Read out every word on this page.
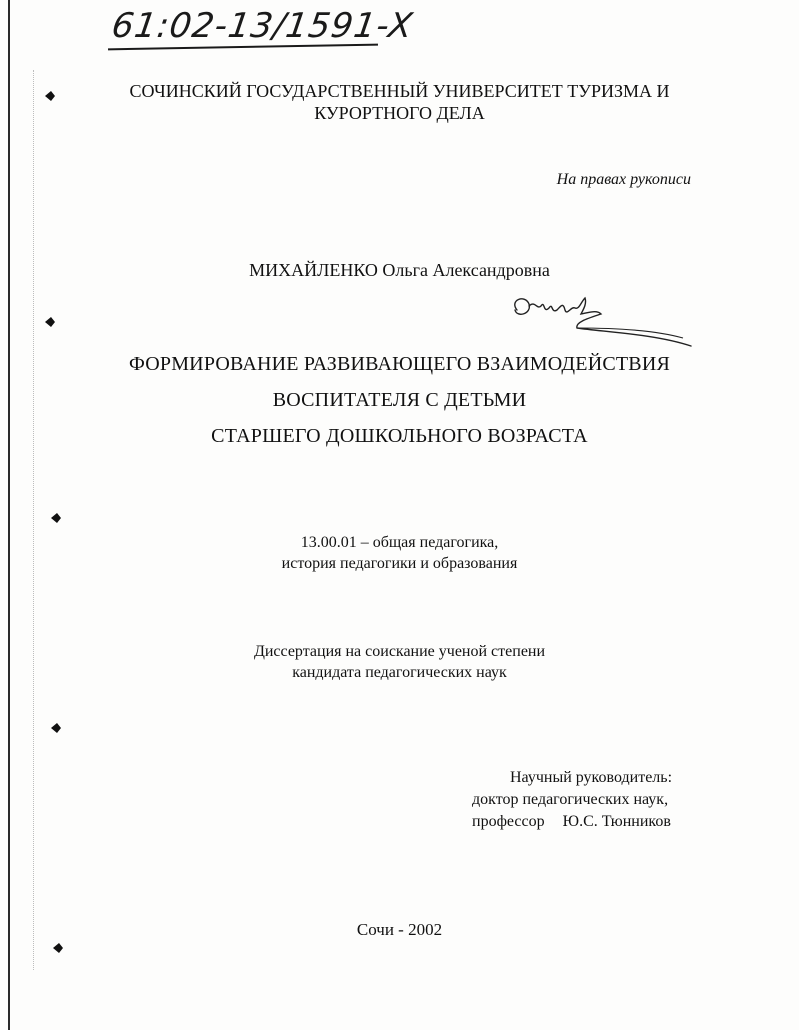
61:02-13/1591-X
СОЧИНСКИЙ ГОСУДАРСТВЕННЫЙ УНИВЕРСИТЕТ ТУРИЗМА И
КУРОРТНОГО ДЕЛА
На правах рукописи
МИХАЙЛЕНКО Ольга Александровна
ФОРМИРОВАНИЕ РАЗВИВАЮЩЕГО ВЗАИМОДЕЙСТВИЯ
ВОСПИТАТЕЛЯ С ДЕТЬМИ
СТАРШЕГО ДОШКОЛЬНОГО ВОЗРАСТА
13.00.01 – общая педагогика,
история педагогики и образования
Диссертация на соискание ученой степени
кандидата педагогических наук
Научный руководитель:
доктор педагогических наук,
профессор Ю.С. Тюнников
Сочи - 2002
